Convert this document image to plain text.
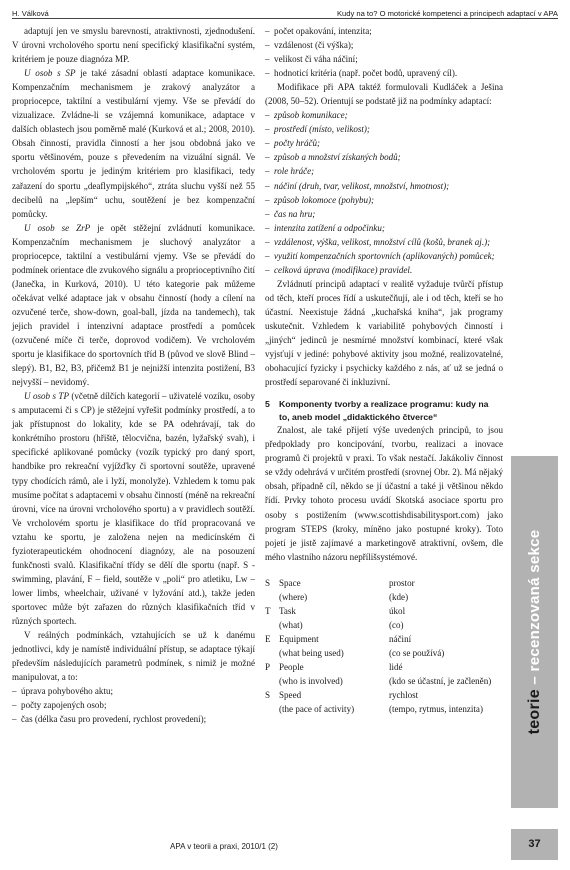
H. Válková	Kudy na to? O motorické kompetenci a principech adaptací v APA

adaptují jen ve smyslu barevnosti, atraktivnosti, zjednodušení. V úrovni vrcholového sportu není specifický klasifikační systém, kritériem je pouze diagnóza MP.

U osob s SP je také zásadní oblastí adaptace komunikace. Kompenzačním mechanismem je zrakový analyzátor a propriocepce, taktilní a vestibulární vjemy. Vše se převádí do vizualizace. Zvládne-li se vzájemná komunikace, adaptace v dalších oblastech jsou poměrně malé (Kurková et al.; 2008, 2010). Obsah činností, pravidla činností a her jsou obdobná jako ve sportu většinovém, pouze s převedením na vizuální signál. Ve vrcholovém sportu je jediným kritériem pro klasifikaci, tedy zařazení do sportu „deaflympijského“, ztráta sluchu vyšší než 55 decibelů na „lepším“ uchu, soutěžení je bez kompenzační pomůcky.

U osob se ZrP je opět stěžejní zvládnutí komunikace. Kompenzačním mechanismem je sluchový analyzátor a propriocepce, taktilní a vestibulární vjemy. Vše se převádí do podmínek orientace dle zvukového signálu a proprioceptivního čití (Janečka, in Kurková, 2010). U této kategorie pak můžeme očekávat velké adaptace jak v obsahu činností (hody a cílení na ozvučené terče, show-down, goal-ball, jízda na tandemech), tak jejich pravidel i intenzivní adaptace prostředí a pomůcek (ozvučené míče či terče, doprovod vodičem). Ve vrcholovém sportu je klasifikace do sportovních tříd B (původ ve slově Blind – slepý). B1, B2, B3, přičemž B1 je nejnižší intenzita postižení, B3 nejvyšší – nevidomý.

U osob s TP (včetně dílčích kategorií – uživatelé vozíku, osoby s amputacemi či s CP) je stěžejní vyřešit podmínky prostředí, a to jak přístupnost do lokality, kde se PA odehrávají, tak do konkrétního prostoru (hřiště, tělocvična, bazén, lyžařský svah), i specifické aplikované pomůcky (vozík typický pro daný sport, handbike pro rekreační vyjížďky či sportovní soutěže, upravené typy chodících rámů, ale i lyží, monolyže). Vzhledem k tomu pak musíme počítat s adaptacemi v obsahu činností (méně na rekreační úrovni, více na úrovni vrcholového sportu) a v pravidlech soutěží. Ve vrcholovém sportu je klasifikace do tříd propracovaná ve vztahu ke sportu, je založena nejen na medicínském či fyzioterapeutickém ohodnocení diagnózy, ale na posouzení funkčnosti svalů. Klasifikační třídy se dělí dle sportu (např. S - swimming, plavání, F – field, soutěže v „poli“ pro atletiku, Lw – lower limbs, wheelchair, užívané v lyžování atd.), takže jeden sportovec může být zařazen do různých klasifikačních tříd v různých sportech.

V reálných podmínkách, vztahujících se už k danému jednotlivci, kdy je namístě individuální přístup, se adaptace týkají především následujících parametrů podmínek, s nimiž je možné manipulovat, a to:

–  úprava pohybového aktu;

–  počty zapojených osob;

–  čas (délka času pro provedení, rychlost provedení);

–  počet opakování, intenzita;

–  vzdálenost (či výška);

–  velikost či váha náčiní;

–  hodnoticí kritéria (např. počet bodů, upravený cíl).

Modifikace při APA taktéž formulovali Kudláček a Ješina (2008, 50–52). Orientují se podstatě již na podmínky adaptací:

–  způsob komunikace;

–  prostředí (místo, velikost);

–  počty hráčů;

–  způsob a množství získaných bodů;

–  role hráče;

–  náčiní (druh, tvar, velikost, množství, hmotnost);

–  způsob lokomoce (pohybu);

–  čas na hru;

–  intenzita zatížení a odpočinku;

–  vzdálenost, výška, velikost, množství cílů (košů, branek aj.);

–  využití kompenzačních sportovních (aplikovaných) pomůcek;

–  celková úprava (modifikace) pravidel.

Zvládnutí principů adaptací v realitě vyžaduje tvůrčí přístup od těch, kteří proces řídí a uskutečňují, ale i od těch, kteří se ho účastní. Neexistuje žádná „kuchařská kniha“, jak programy uskutečnit. Vzhledem k variabilitě pohybových činností i „jiných“ jedinců je nesmírné množství kombinací, které však vyjsťují v jediné: pohybové aktivity jsou možné, realizovatelné, obohacující fyzicky i psychicky každého z nás, ať už se jedná o prostředí separované či inkluzivní.

5 Komponenty tvorby a realizace programu: kudy na
to, aneb model „didaktického čtverce“

Znalost, ale také přijetí výše uvedených principů, to jsou předpoklady pro koncipování, tvorbu, realizaci a inovace programů či projektů v praxi. To však nestačí. Jakákoliv činnost se vždy odehrává v určitém prostředí (srovnej Obr. 2). Má nějaký obsah, případně cíl, někdo se jí účastní a také ji většinou někdo řídí. Prvky tohoto procesu uvádí Skotská asociace sportu pro osoby s postižením (www.scottishdisabilitysport.com) jako program STEPS (kroky, míněno jako postupné kroky). Toto pojetí je jistě zajímavé a marketingově atraktivní, ovšem, dle mého vlastního názoru nepřílišsystémové.

S	Space	prostor
	(where)	(kde)
T	Task	úkol
	(what)	(co)
E	Equipment	náčiní
	(what being used)	(co se používá)
P	People	lidé
	(who is involved)	(kdo se účastní, je začleněn)
S	Speed	rychlost
	(the pace of activity)	(tempo, rytmus, intenzita)	teorie – recenzovaná sekce
APA v teorii a praxi, 2010/1 (2)	37
